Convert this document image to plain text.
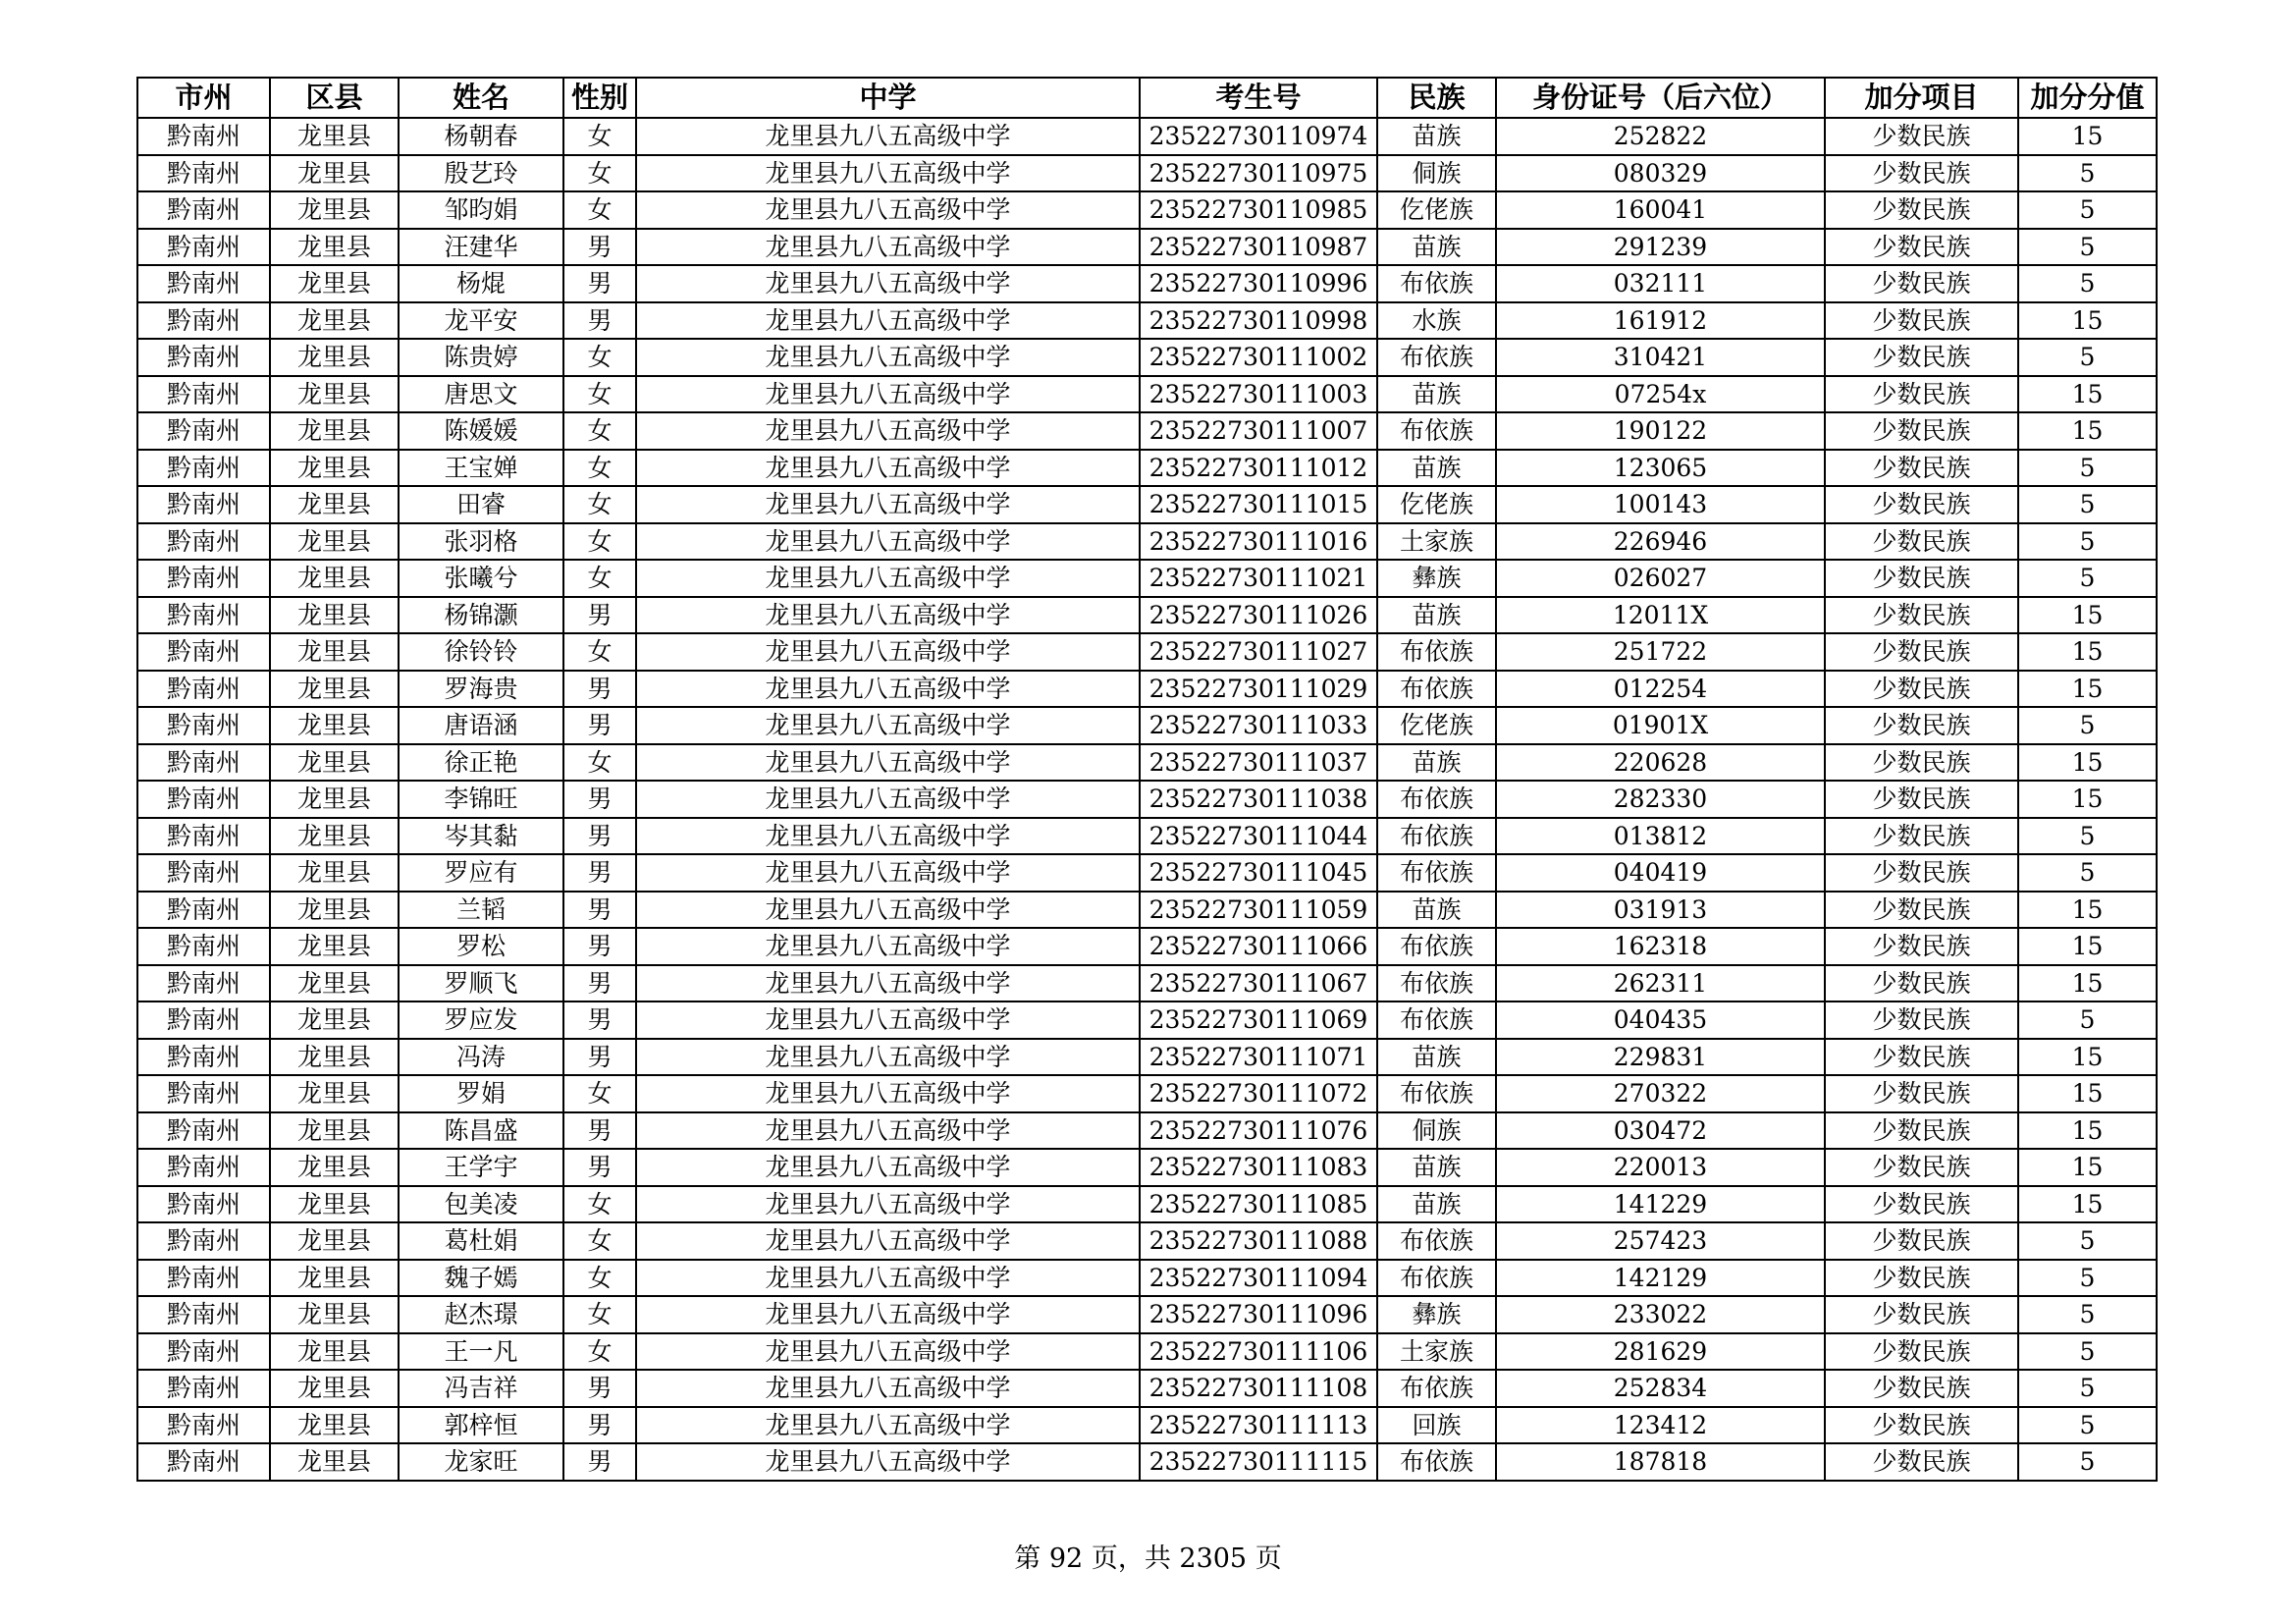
市州	区县	姓名	性别	中学	考生号	民族	身份证号（后六位）	加分项目	加分分值
黔南州	龙里县	杨朝春	女	龙里县九八五高级中学	23522730110974	苗族	252822	少数民族	15
黔南州	龙里县	殷艺玲	女	龙里县九八五高级中学	23522730110975	侗族	080329	少数民族	5
黔南州	龙里县	邹昀娟	女	龙里县九八五高级中学	23522730110985	仡佬族	160041	少数民族	5
黔南州	龙里县	汪建华	男	龙里县九八五高级中学	23522730110987	苗族	291239	少数民族	5
黔南州	龙里县	杨焜	男	龙里县九八五高级中学	23522730110996	布依族	032111	少数民族	5
黔南州	龙里县	龙平安	男	龙里县九八五高级中学	23522730110998	水族	161912	少数民族	15
黔南州	龙里县	陈贵婷	女	龙里县九八五高级中学	23522730111002	布依族	310421	少数民族	5
黔南州	龙里县	唐思文	女	龙里县九八五高级中学	23522730111003	苗族	07254x	少数民族	15
黔南州	龙里县	陈媛媛	女	龙里县九八五高级中学	23522730111007	布依族	190122	少数民族	15
黔南州	龙里县	王宝婵	女	龙里县九八五高级中学	23522730111012	苗族	123065	少数民族	5
黔南州	龙里县	田睿	女	龙里县九八五高级中学	23522730111015	仡佬族	100143	少数民族	5
黔南州	龙里县	张羽格	女	龙里县九八五高级中学	23522730111016	土家族	226946	少数民族	5
黔南州	龙里县	张曦兮	女	龙里县九八五高级中学	23522730111021	彝族	026027	少数民族	5
黔南州	龙里县	杨锦灏	男	龙里县九八五高级中学	23522730111026	苗族	12011X	少数民族	15
黔南州	龙里县	徐铃铃	女	龙里县九八五高级中学	23522730111027	布依族	251722	少数民族	15
黔南州	龙里县	罗海贵	男	龙里县九八五高级中学	23522730111029	布依族	012254	少数民族	15
黔南州	龙里县	唐语涵	男	龙里县九八五高级中学	23522730111033	仡佬族	01901X	少数民族	5
黔南州	龙里县	徐正艳	女	龙里县九八五高级中学	23522730111037	苗族	220628	少数民族	15
黔南州	龙里县	李锦旺	男	龙里县九八五高级中学	23522730111038	布依族	282330	少数民族	15
黔南州	龙里县	岑其黏	男	龙里县九八五高级中学	23522730111044	布依族	013812	少数民族	5
黔南州	龙里县	罗应有	男	龙里县九八五高级中学	23522730111045	布依族	040419	少数民族	5
黔南州	龙里县	兰韬	男	龙里县九八五高级中学	23522730111059	苗族	031913	少数民族	15
黔南州	龙里县	罗松	男	龙里县九八五高级中学	23522730111066	布依族	162318	少数民族	15
黔南州	龙里县	罗顺飞	男	龙里县九八五高级中学	23522730111067	布依族	262311	少数民族	15
黔南州	龙里县	罗应发	男	龙里县九八五高级中学	23522730111069	布依族	040435	少数民族	5
黔南州	龙里县	冯涛	男	龙里县九八五高级中学	23522730111071	苗族	229831	少数民族	15
黔南州	龙里县	罗娟	女	龙里县九八五高级中学	23522730111072	布依族	270322	少数民族	15
黔南州	龙里县	陈昌盛	男	龙里县九八五高级中学	23522730111076	侗族	030472	少数民族	15
黔南州	龙里县	王学宇	男	龙里县九八五高级中学	23522730111083	苗族	220013	少数民族	15
黔南州	龙里县	包美凌	女	龙里县九八五高级中学	23522730111085	苗族	141229	少数民族	15
黔南州	龙里县	葛杜娟	女	龙里县九八五高级中学	23522730111088	布依族	257423	少数民族	5
黔南州	龙里县	魏子嫣	女	龙里县九八五高级中学	23522730111094	布依族	142129	少数民族	5
黔南州	龙里县	赵杰璟	女	龙里县九八五高级中学	23522730111096	彝族	233022	少数民族	5
黔南州	龙里县	王一凡	女	龙里县九八五高级中学	23522730111106	土家族	281629	少数民族	5
黔南州	龙里县	冯吉祥	男	龙里县九八五高级中学	23522730111108	布依族	252834	少数民族	5
黔南州	龙里县	郭梓恒	男	龙里县九八五高级中学	23522730111113	回族	123412	少数民族	5
黔南州	龙里县	龙家旺	男	龙里县九八五高级中学	23522730111115	布依族	187818	少数民族	5
第 92 页，共 2305 页
